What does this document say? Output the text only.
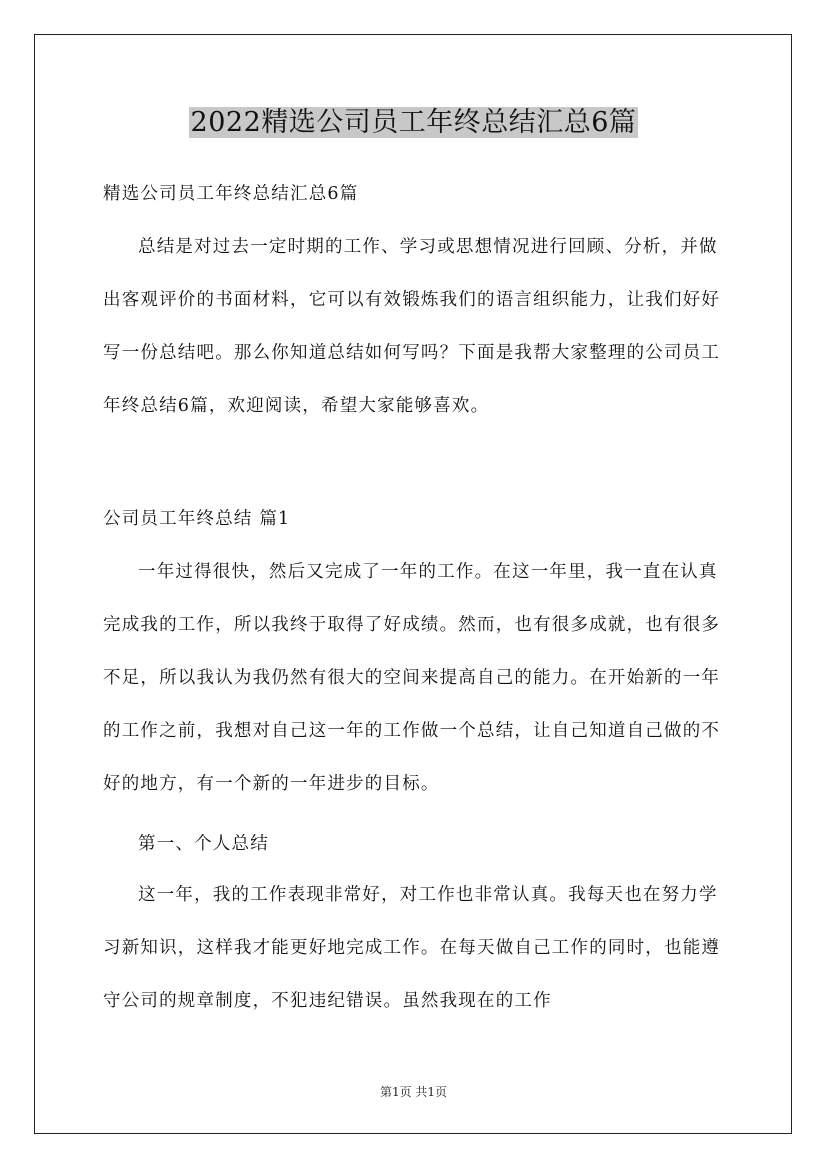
2022精选公司员工年终总结汇总6篇

精选公司员工年终总结汇总6篇

总结是对过去一定时期的工作、学习或思想情况进行回顾、分析，并做出客观评价的书面材料，它可以有效锻炼我们的语言组织能力，让我们好好写一份总结吧。那么你知道总结如何写吗？下面是我帮大家整理的公司员工年终总结6篇，欢迎阅读，希望大家能够喜欢。

公司员工年终总结 篇1

一年过得很快，然后又完成了一年的工作。在这一年里，我一直在认真完成我的工作，所以我终于取得了好成绩。然而，也有很多成就，也有很多不足，所以我认为我仍然有很大的空间来提高自己的能力。在开始新的一年的工作之前，我想对自己这一年的工作做一个总结，让自己知道自己做的不好的地方，有一个新的一年进步的目标。

第一、个人总结

这一年，我的工作表现非常好，对工作也非常认真。我每天也在努力学习新知识，这样我才能更好地完成工作。在每天做自己工作的同时，也能遵守公司的规章制度，不犯违纪错误。虽然我现在的工作

第1页 共1页
